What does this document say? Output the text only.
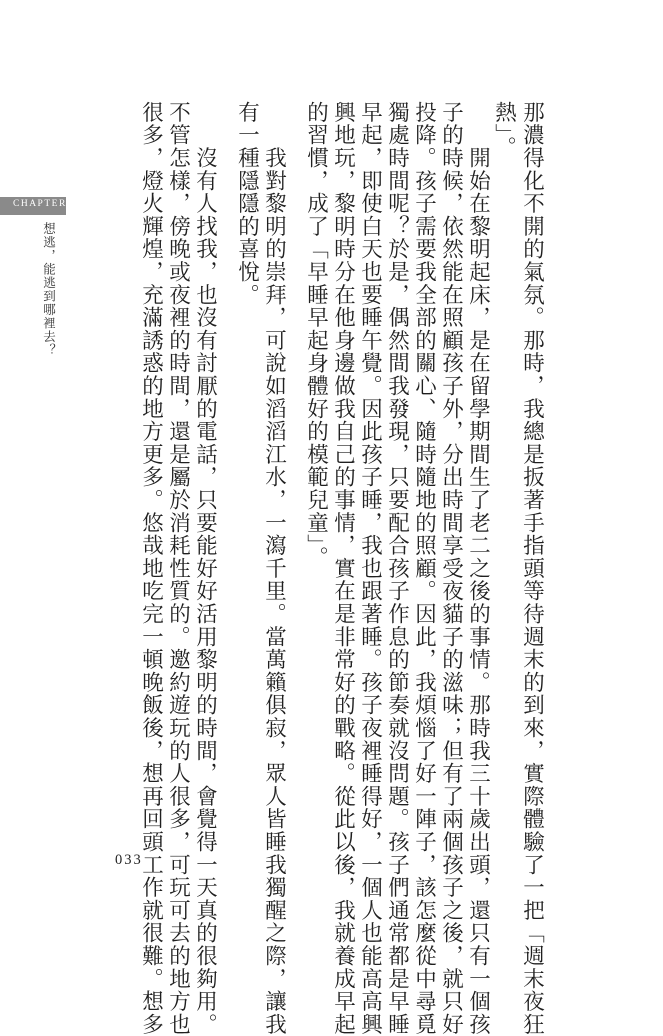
CHAPTER 1
想逃，能逃到哪裡去？	那濃得化不開的氣氛。那時，我總是扳著手指頭等待週末的到來，實際體驗了一把「週末夜狂
熱」。
　　開始在黎明起床，是在留學期間生了老二之後的事情。那時我三十歲出頭，還只有一個孩
子的時候，依然能在照顧孩子外，分出時間享受夜貓子的滋味；但有了兩個孩子之後，就只好
投降。孩子需要我全部的關心、隨時隨地的照顧。因此，我煩惱了好一陣子，該怎麼從中尋覓
獨處時間呢？於是，偶然間我發現，只要配合孩子作息的節奏就沒問題。孩子們通常都是早睡
早起，即使白天也要睡午覺。因此孩子睡，我也跟著睡。孩子夜裡睡得好，一個人也能高高興
興地玩，黎明時分在他身邊做我自己的事情，實在是非常好的戰略。從此以後，我就養成早起
的習慣，成了「早睡早起身體好的模範兒童」。
　　我對黎明的崇拜，可說如滔滔江水，一瀉千里。當萬籟俱寂，眾人皆睡我獨醒之際，讓我
有一種隱隱的喜悅。
　　沒有人找我，也沒有討厭的電話，只要能好好活用黎明的時間，會覺得一天真的很夠用。
不管怎樣，傍晚或夜裡的時間，還是屬於消耗性質的。邀約遊玩的人很多，可玩可去的地方也
很多，燈火輝煌，充滿誘惑的地方更多。悠哉地吃完一頓晚飯後，想再回頭工作就很難。想多
033
